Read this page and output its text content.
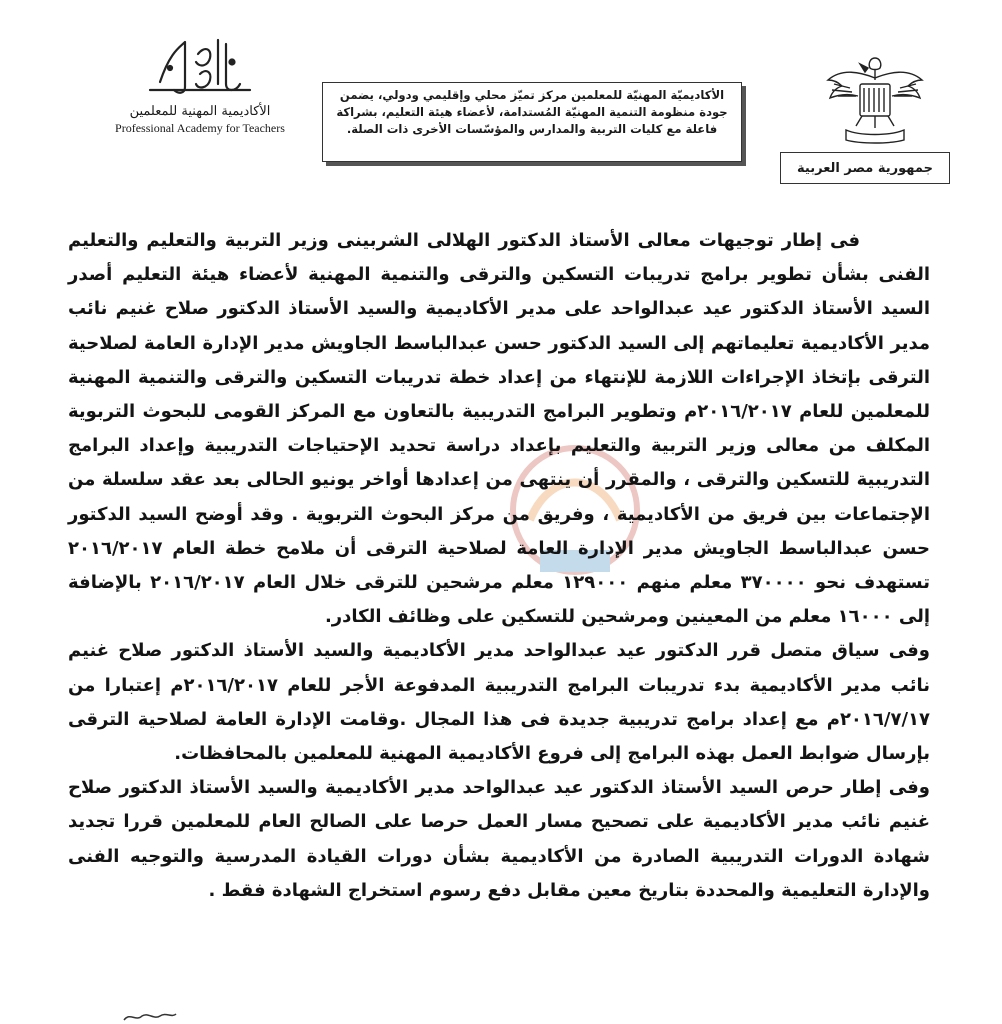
جمهورية مصر العربية
الأكاديميّة المهنيّة للمعلمين مركز تميّز محلي وإقليمي ودولي، يضمن
جودة منظومة التنمية المهنيّة المُستدامة، لأعضاء هيئة التعليم، بشراكة
فاعلة مع كليات التربية والمدارس والمؤسّسات الأخرى ذات الصلة.
الأكاديمية المهنية للمعلمين
Professional Academy for Teachers

فى إطار توجيهات معالى الأستاذ الدكتور الهلالى الشربينى وزير التربية والتعليم والتعليم الفنى بشأن تطوير برامج تدريبات التسكين والترقى والتنمية المهنية لأعضاء هيئة التعليم أصدر السيد الأستاذ الدكتور عيد عبدالواحد على مدير الأكاديمية والسيد الأستاذ الدكتور صلاح غنيم نائب مدير الأكاديمية تعليماتهم إلى السيد الدكتور حسن عبدالباسط الجاويش مدير الإدارة العامة لصلاحية الترقى بإتخاذ الإجراءات اللازمة للإنتهاء من إعداد خطة تدريبات التسكين والترقى والتنمية المهنية للمعلمين للعام ٢٠١٦/٢٠١٧م وتطوير البرامج التدريبية بالتعاون مع المركز القومى للبحوث التربوية المكلف من معالى وزير التربية والتعليم بإعداد دراسة تحديد الإحتياجات التدريبية وإعداد البرامج التدريبية للتسكين والترقى ، والمقرر أن ينتهى من إعدادها أواخر يونيو الحالى بعد عقد سلسلة من الإجتماعات بين فريق من الأكاديمية ، وفريق من مركز البحوث التربوية . وقد أوضح السيد الدكتور حسن عبدالباسط الجاويش مدير الإدارة العامة لصلاحية الترقى أن ملامح خطة العام ٢٠١٦/٢٠١٧ تستهدف نحو ٣٧٠٠٠٠ معلم منهم ١٢٩٠٠٠ معلم مرشحين للترقى خلال العام ٢٠١٦/٢٠١٧ بالإضافة إلى ١٦٠٠٠ معلم من المعينين ومرشحين للتسكين على وظائف الكادر.

وفى سياق متصل قرر الدكتور عيد عبدالواحد مدير الأكاديمية والسيد الأستاذ الدكتور صلاح غنيم نائب مدير الأكاديمية بدء تدريبات البرامج التدريبية المدفوعة الأجر للعام ٢٠١٦/٢٠١٧م إعتبارا من ٢٠١٦/٧/١٧م مع إعداد برامج تدريبية جديدة فى هذا المجال .وقامت الإدارة العامة لصلاحية الترقى بإرسال ضوابط العمل بهذه البرامج إلى فروع الأكاديمية المهنية للمعلمين بالمحافظات.

وفى إطار حرص السيد الأستاذ الدكتور عيد عبدالواحد مدير الأكاديمية والسيد الأستاذ الدكتور صلاح غنيم نائب مدير الأكاديمية على تصحيح مسار العمل حرصا على الصالح العام للمعلمين قررا تجديد شهادة الدورات التدريبية الصادرة من الأكاديمية بشأن دورات القيادة المدرسية والتوجيه الفنى والإدارة التعليمية والمحددة بتاريخ معين مقابل دفع رسوم استخراج الشهادة فقط .
